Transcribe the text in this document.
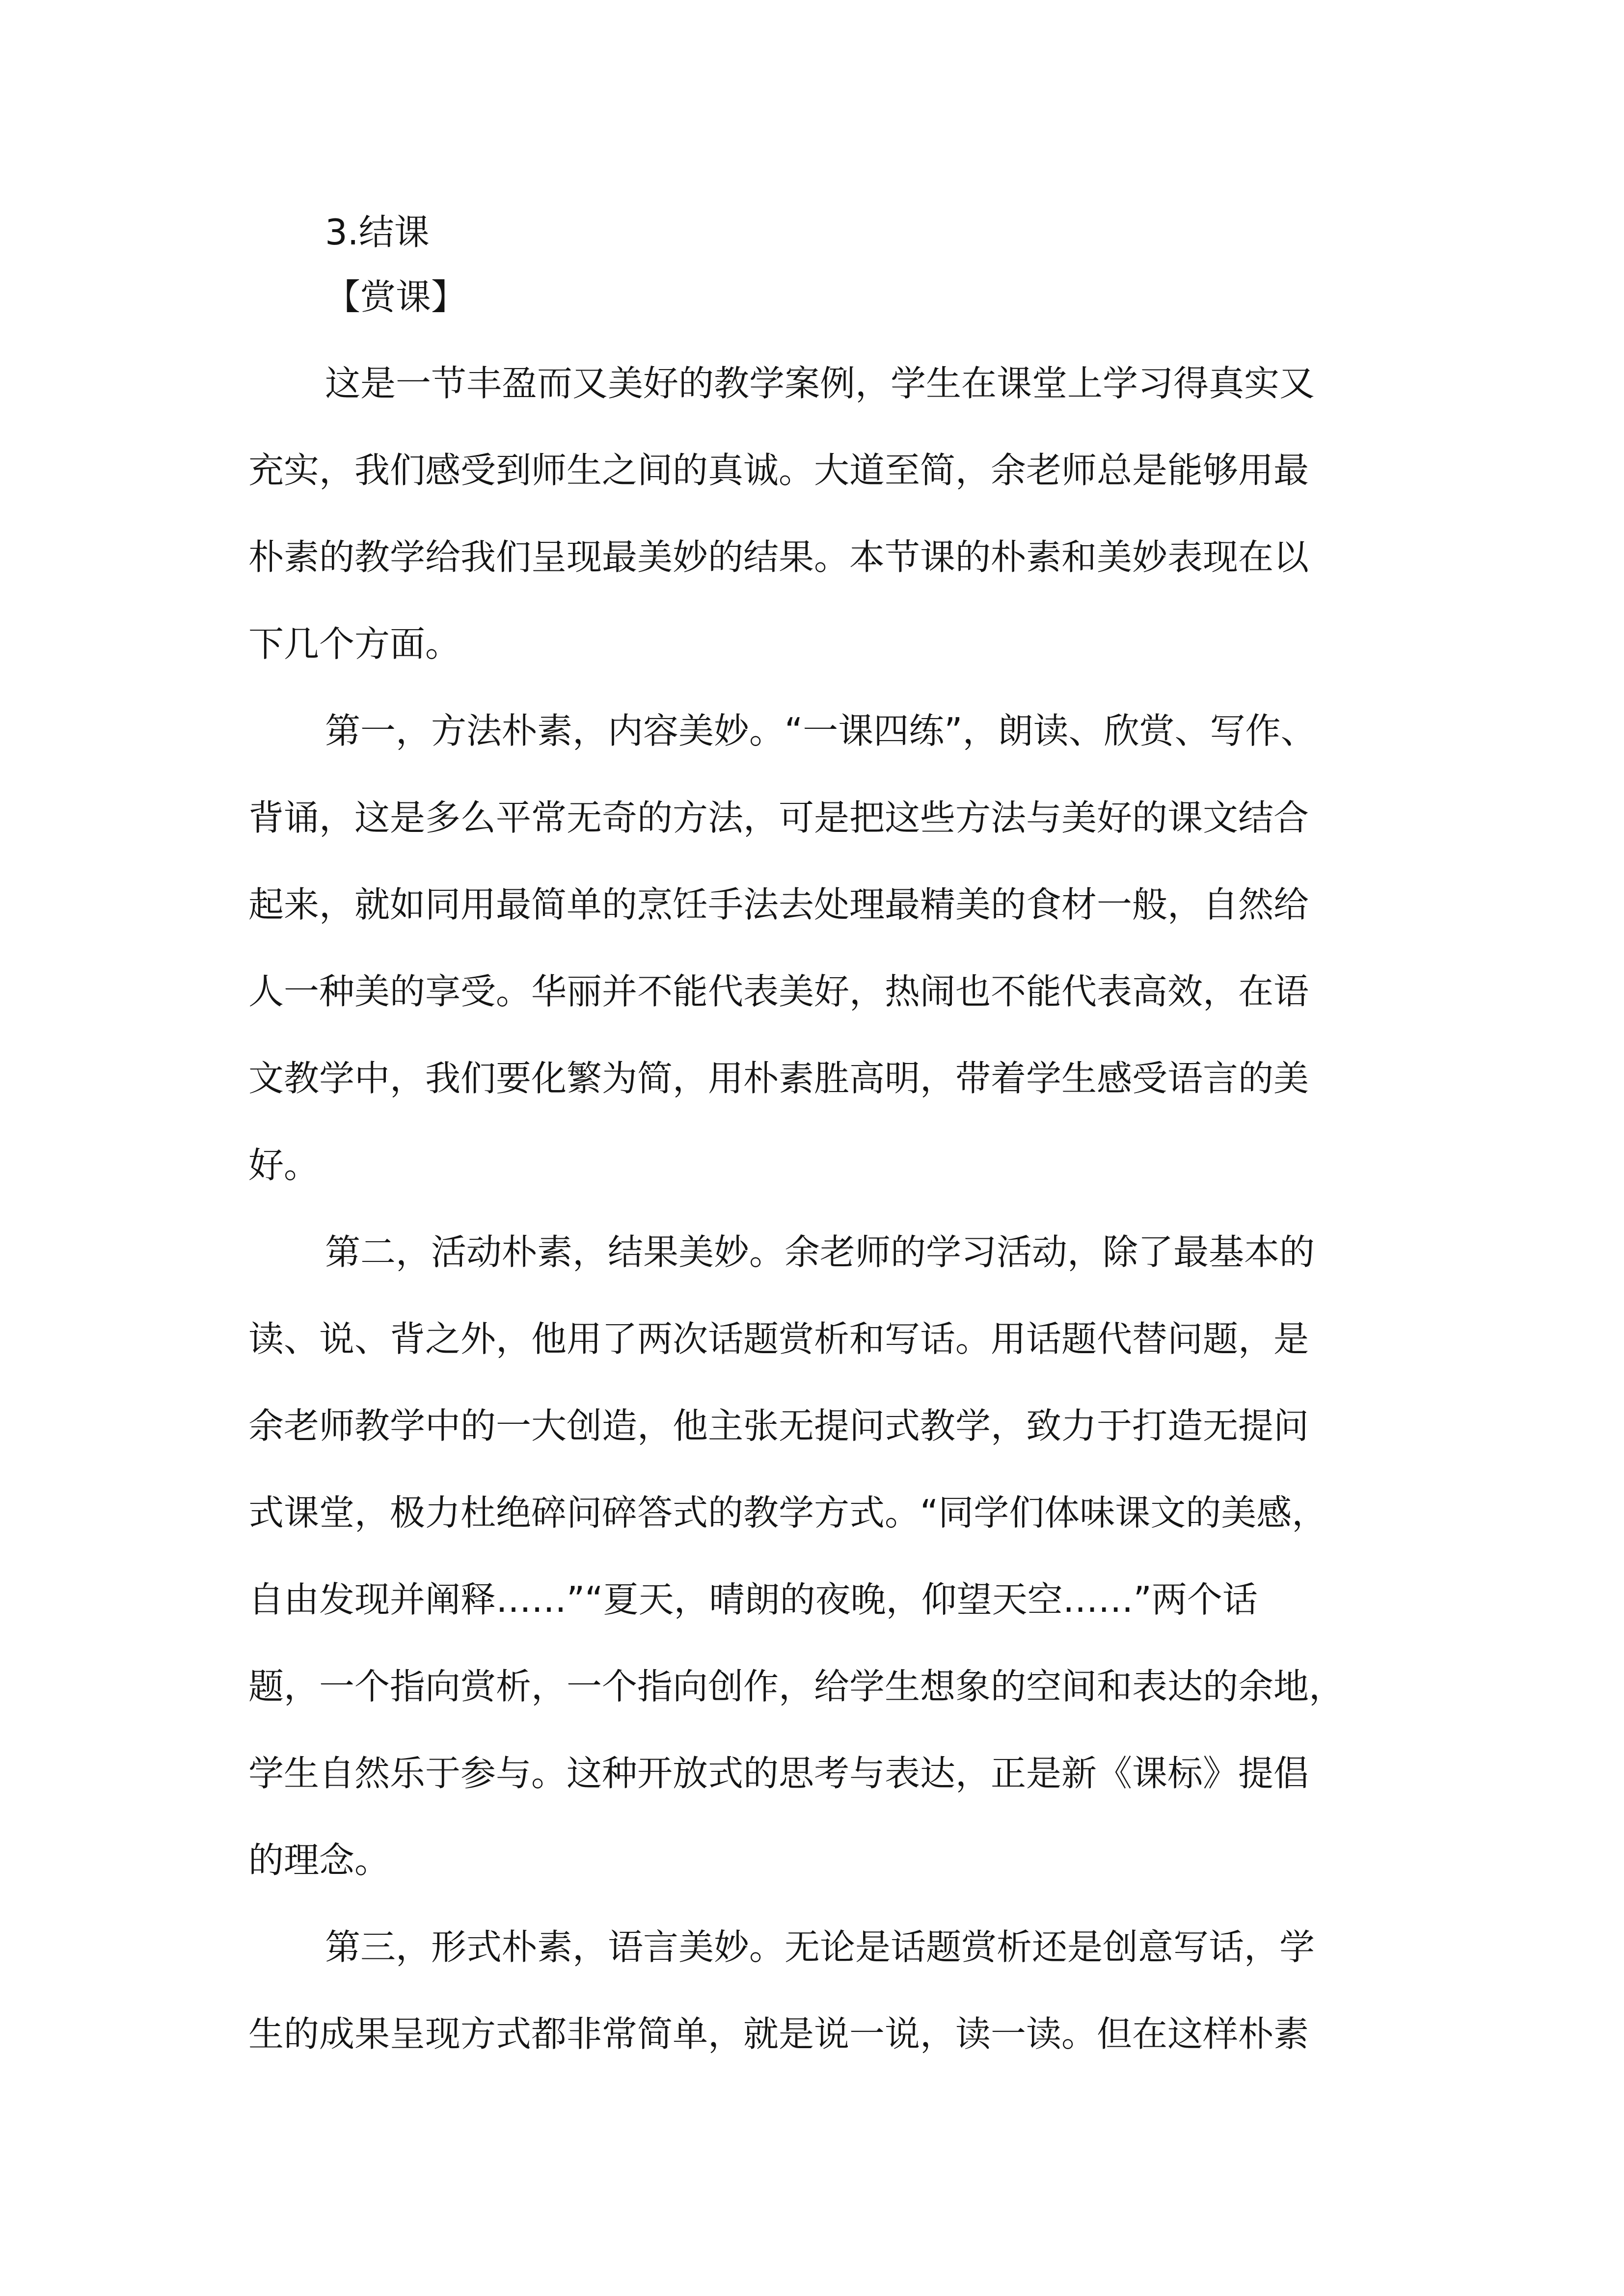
3.结课

【赏课】

这是一节丰盈而又美好的教学案例，学生在课堂上学习得真实又
充实，我们感受到师生之间的真诚。大道至简，余老师总是能够用最
朴素的教学给我们呈现最美妙的结果。本节课的朴素和美妙表现在以
下几个方面。
第一，方法朴素，内容美妙。“一课四练”，朗读、欣赏、写作、
背诵，这是多么平常无奇的方法，可是把这些方法与美好的课文结合
起来，就如同用最简单的烹饪手法去处理最精美的食材一般，自然给
人一种美的享受。华丽并不能代表美好，热闹也不能代表高效，在语
文教学中，我们要化繁为简，用朴素胜高明，带着学生感受语言的美
好。
第二，活动朴素，结果美妙。余老师的学习活动，除了最基本的
读、说、背之外，他用了两次话题赏析和写话。用话题代替问题，是
余老师教学中的一大创造，他主张无提问式教学，致力于打造无提问
式课堂，极力杜绝碎问碎答式的教学方式。“同学们体味课文的美感，
自由发现并阐释……”“夏天，晴朗的夜晚，仰望天空……”两个话
题，一个指向赏析，一个指向创作，给学生想象的空间和表达的余地，
学生自然乐于参与。这种开放式的思考与表达，正是新《课标》提倡
的理念。
第三，形式朴素，语言美妙。无论是话题赏析还是创意写话，学
生的成果呈现方式都非常简单，就是说一说，读一读。但在这样朴素
